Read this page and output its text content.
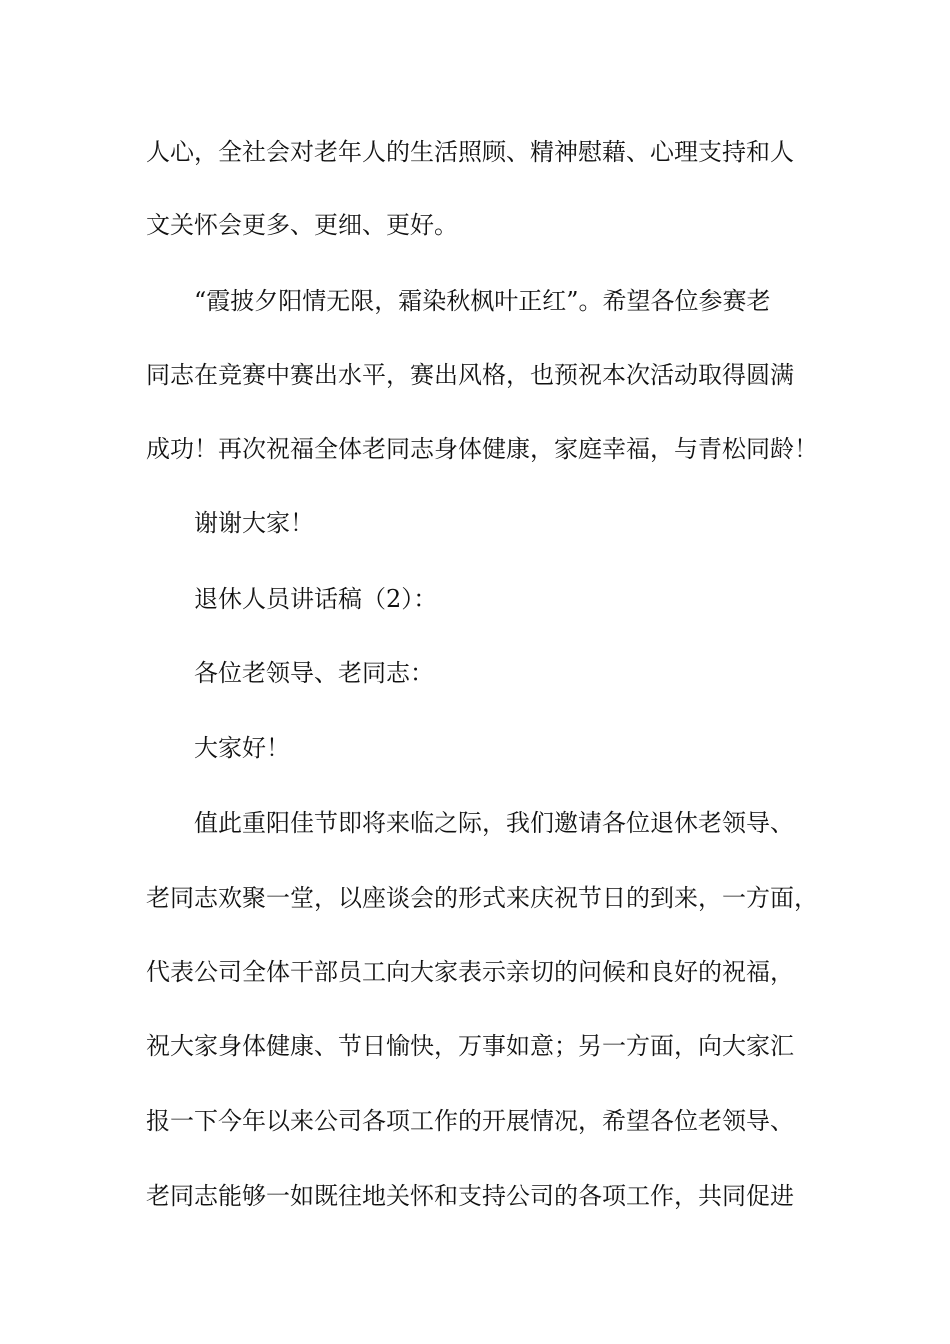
人心，全社会对老年人的生活照顾、精神慰藉、心理支持和人
文关怀会更多、更细、更好。
“霞披夕阳情无限，霜染秋枫叶正红”。希望各位参赛老
同志在竞赛中赛出水平，赛出风格，也预祝本次活动取得圆满
成功！再次祝福全体老同志身体健康，家庭幸福，与青松同龄！
谢谢大家！
退休人员讲话稿（2）：
各位老领导、老同志：
大家好！
值此重阳佳节即将来临之际，我们邀请各位退休老领导、
老同志欢聚一堂，以座谈会的形式来庆祝节日的到来，一方面，
代表公司全体干部员工向大家表示亲切的问候和良好的祝福，
祝大家身体健康、节日愉快，万事如意；另一方面，向大家汇
报一下今年以来公司各项工作的开展情况，希望各位老领导、
老同志能够一如既往地关怀和支持公司的各项工作，共同促进
